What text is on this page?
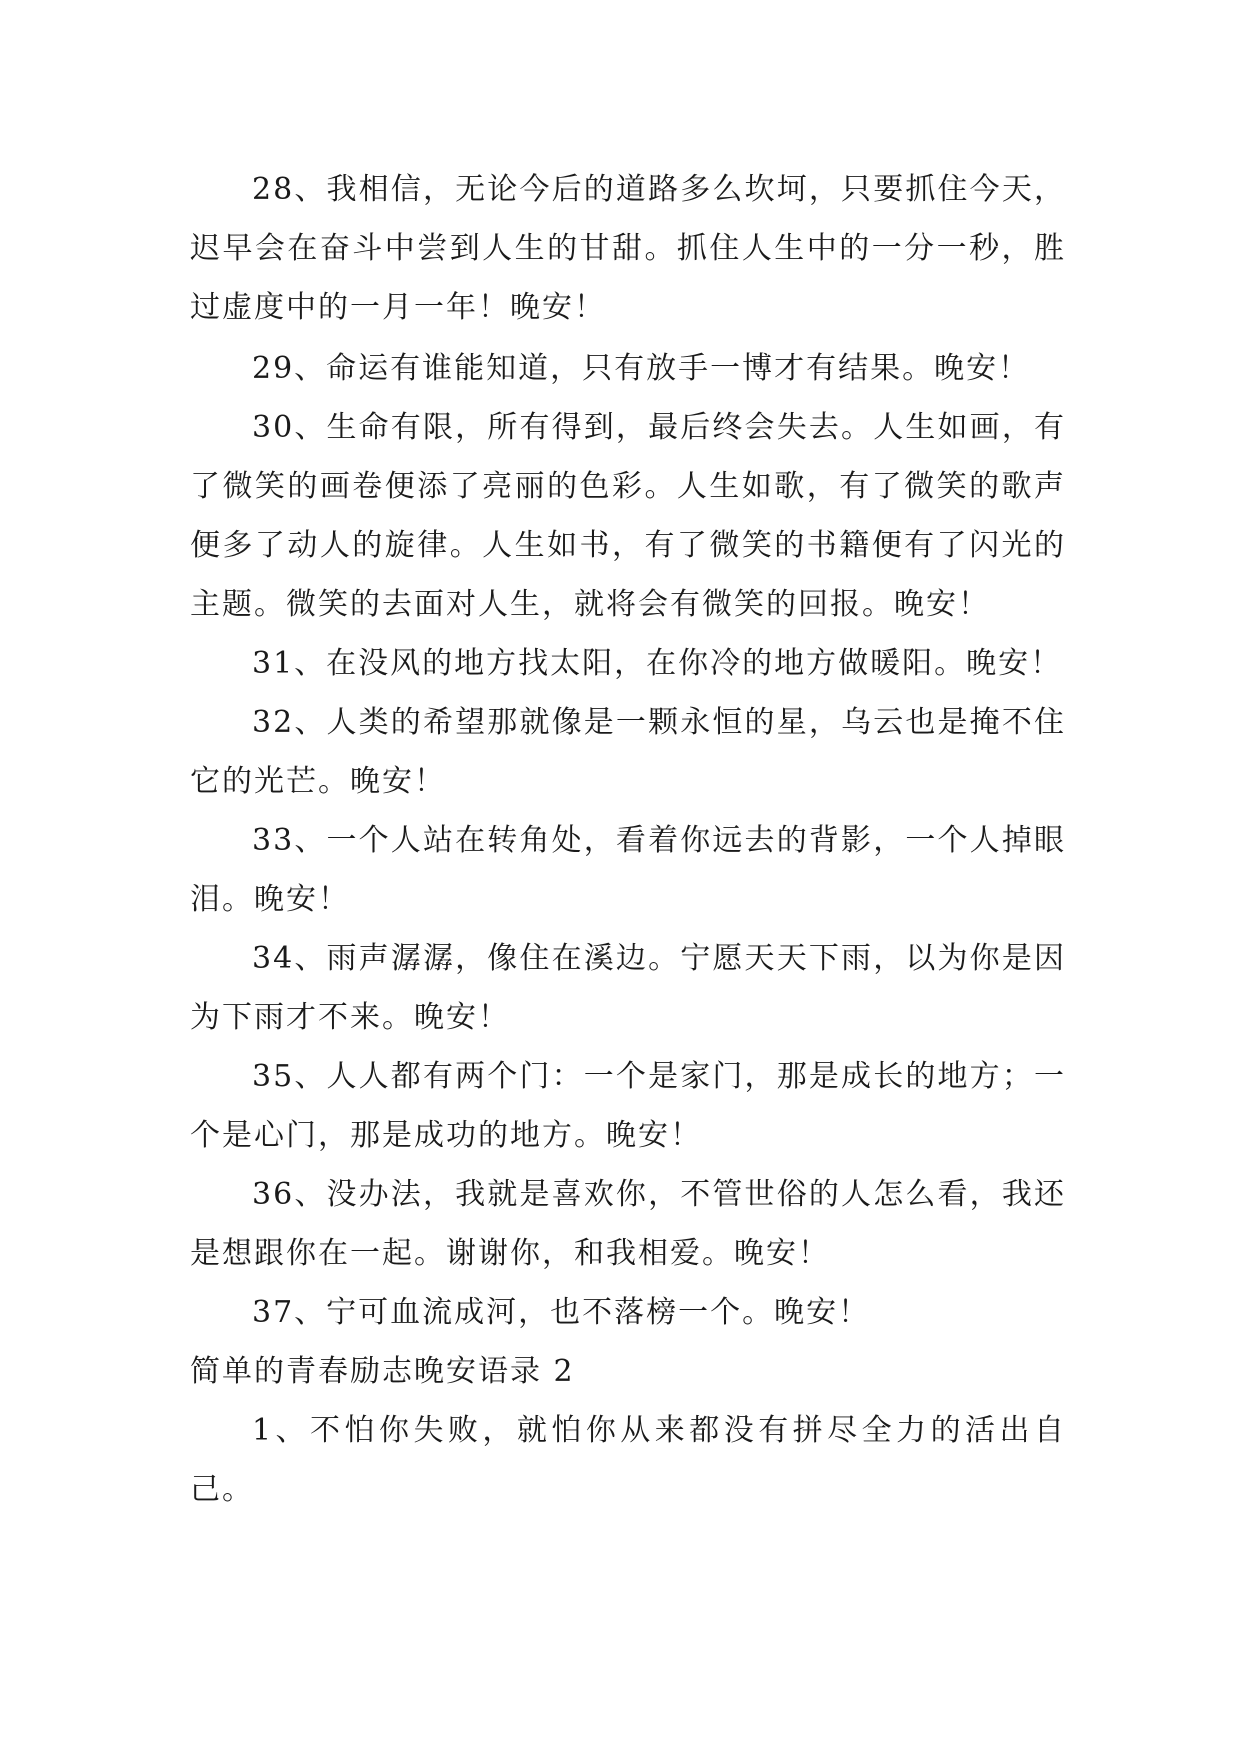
28、我相信，无论今后的道路多么坎坷，只要抓住今天，迟早会在奋斗中尝到人生的甘甜。抓住人生中的一分一秒，胜过虚度中的一月一年！晚安！

29、命运有谁能知道，只有放手一博才有结果。晚安！

30、生命有限，所有得到，最后终会失去。人生如画，有了微笑的画卷便添了亮丽的色彩。人生如歌，有了微笑的歌声便多了动人的旋律。人生如书，有了微笑的书籍便有了闪光的主题。微笑的去面对人生，就将会有微笑的回报。晚安！

31、在没风的地方找太阳，在你冷的地方做暖阳。晚安！

32、人类的希望那就像是一颗永恒的星，乌云也是掩不住它的光芒。晚安！

33、一个人站在转角处，看着你远去的背影，一个人掉眼泪。晚安！

34、雨声潺潺，像住在溪边。宁愿天天下雨，以为你是因为下雨才不来。晚安！

35、人人都有两个门：一个是家门，那是成长的地方；一个是心门，那是成功的地方。晚安！

36、没办法，我就是喜欢你，不管世俗的人怎么看，我还是想跟你在一起。谢谢你，和我相爱。晚安！

37、宁可血流成河，也不落榜一个。晚安！

简单的青春励志晚安语录 2

1、不怕你失败，就怕你从来都没有拼尽全力的活出自己。
